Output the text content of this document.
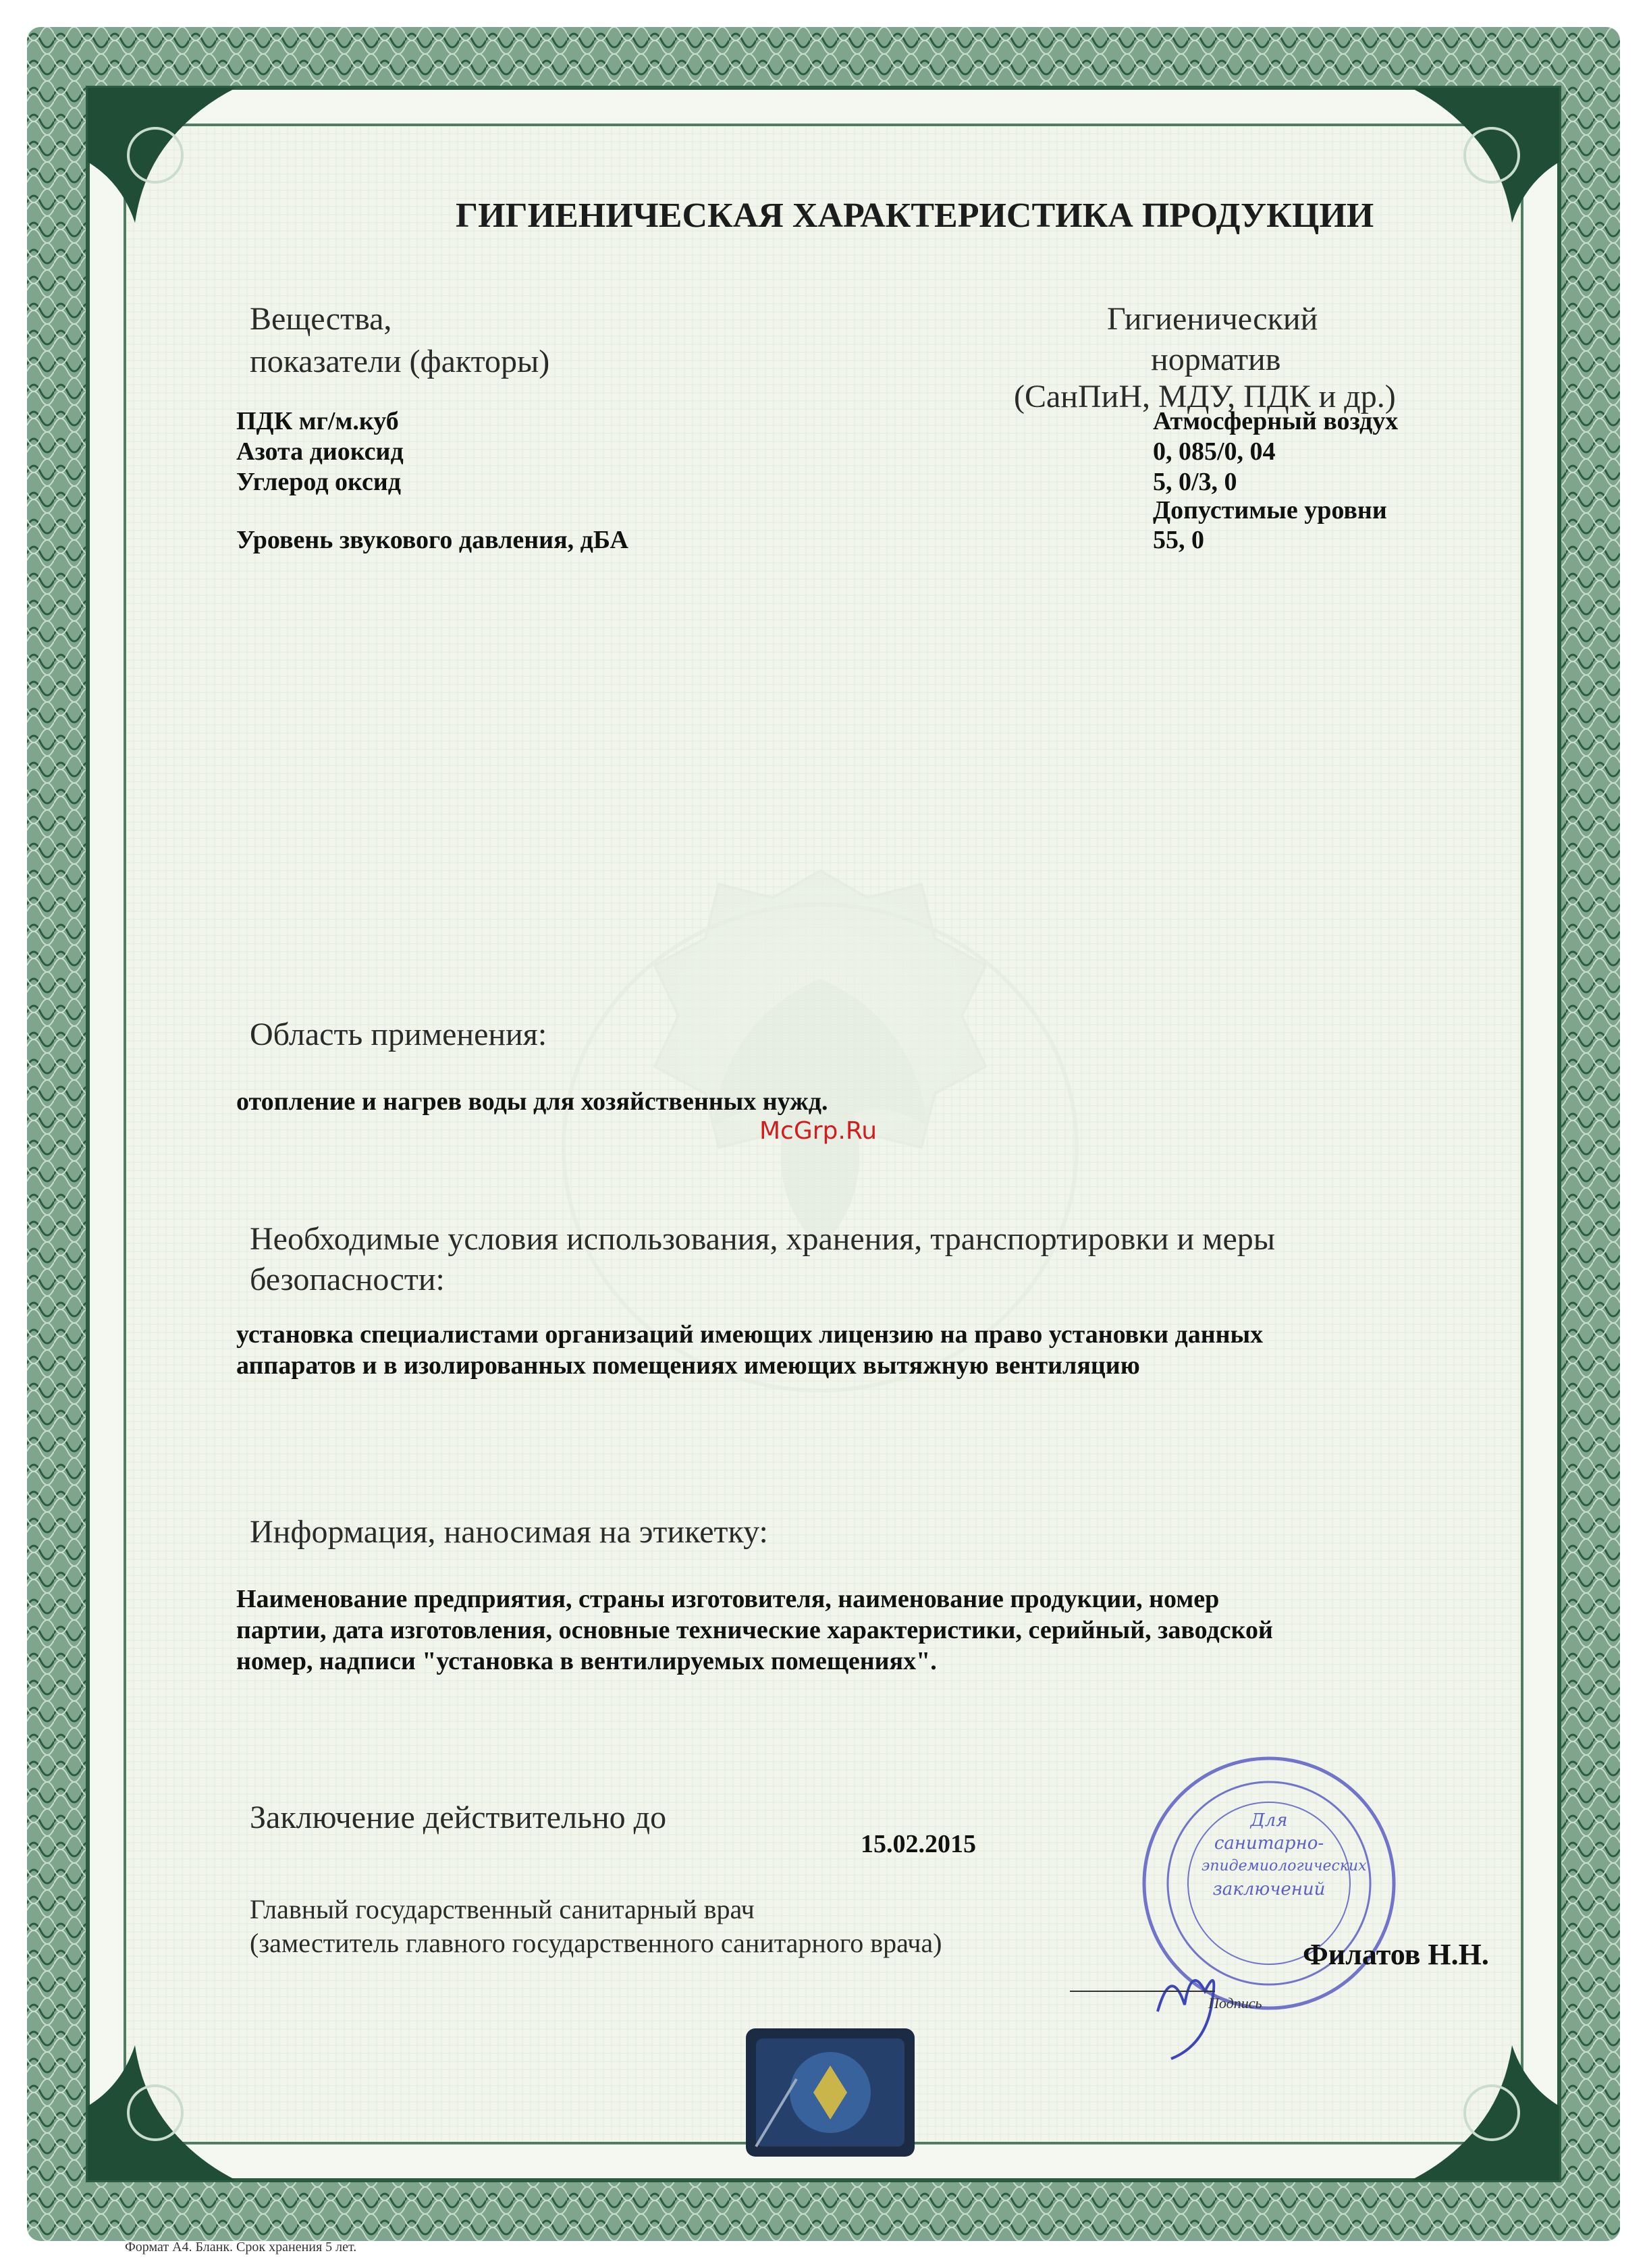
ГИГИЕНИЧЕСКАЯ ХАРАКТЕРИСТИКА ПРОДУКЦИИ
Вещества,
показатели (факторы)
Гигиенический
норматив
(СанПиН, МДУ, ПДК и др.)
ПДК мг/м.куб	Атмосферный воздух
Азота диоксид	0, 085/0, 04
Углерод оксид	5, 0/3, 0
Допустимые уровни
Уровень звукового давления, дБА	55, 0
Область применения:
отопление и нагрев воды для хозяйственных нужд.
McGrp.Ru
Необходимые условия использования, хранения, транспортировки и меры
безопасности:
установка специалистами организаций имеющих лицензию на право установки данных
аппаратов и в изолированных помещениях имеющих вытяжную вентиляцию
Информация, наносимая на этикетку:
Наименование предприятия, страны изготовителя, наименование продукции, номер
партии, дата изготовления, основные технические характеристики, серийный, заводской
номер, надписи "установка в вентилируемых помещениях".
Заключение действительно до
15.02.2015
Главный государственный санитарный врач
(заместитель главного государственного санитарного врача)	Филатов Н.Н.
Подпись
Для
санитарно-
эпидемиологических
заключений
Формат А4. Бланк. Срок хранения 5 лет.
